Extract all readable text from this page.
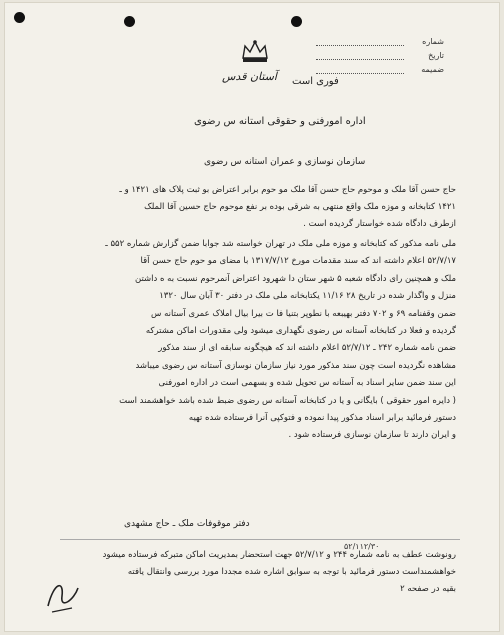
شماره
تاریخ
ضمیمه
آستان قدس فوری است
اداره امورفنی و حقوقی آستانه س رضوی
سازمان نوسازی و عمران آستانه س رضوی
حاج حسن آقا ملک و موحوم حاج حسن آقا ملک مو حوم برابر اعتراض بو ثبت پلاک های ۱۴۲۱ و ـ
۱۴۲۱ کتابخانه و موزه ملک واقع منتهی به شرقی بوده بر نفع موحوم حاج حسین آقا الملک
ازطرف دادگاه شده خواستار گردیده است .
ملی نامه مذکور که کتابخانه و موزه ملی ملک در تهران خواسته شد جوابا ضمن گزارش شماره ۵۵۲ ـ
۵۲/۷/۱۷ اعلام داشته اند که سند مقدمات مورخ ۱۳۱۷/۷/۱۲ با مضای مو حوم حاج حسن آقا
ملک و همچنین رای دادگاه شعبه ۵ شهر ستان دا شهرود اعتراض آنمرحوم نسبت به ه داشتن
منزل و واگذار شده در تاریخ ۲۸ ۱۱/۱۶ یکتابخانه ملی ملک در دفتر ۳۰ آبان سال ۱۳۲۰
ضمن وقفنامه ۶۹ و ۷۰۲ دفتر بهیبعه با نطوپر بتنیا فا ت بیرا بیال املاک عمری آستانه س
گردیده و فعلا در کتابخانه آستانه س رضوی نگهداری میشود ولی مقدورات اماکن مشترکه
ضمن نامه شماره ۲۴۲ ـ ۵۲/۷/۱۲ اعلام داشته اند که هیچگونه سابقه ای از سند مذکور
مشاهده نگردیده است چون سند مذکور مورد نیاز سازمان نوسازی آستانه س رضوی میباشد
این سند ضمن سایر اسناد به آستانه س تحویل شده و بسهمی است در اداره امورفنی
( دایره امور حقوقی ) بایگانی و یا در کتابخانه آستانه س رضوی ضبط شده باشد خواهشمند است
دستور فرمائید برابر اسناد مذکور پیدا نموده و فتوکپی آنرا فرستاده شده تهیه
و ایران دارند تا سازمان نوسازی فرستاده شود .
دفتر موقوفات ملک ـ حاج مشهدی
۵۲/۱۱۲/۳۰
رونوشت عطف به نامه شماره ۲۴۴ و ۵۲/۷/۱۲ جهت استحضار بمدیریت اماکن متبرکه فرستاده میشود
خواهشمنداست دستور فرمائید با توجه به سوابق اشاره شده مجددا مورد بررسی وانتقال یافته
بقیه در صفحه ۲
